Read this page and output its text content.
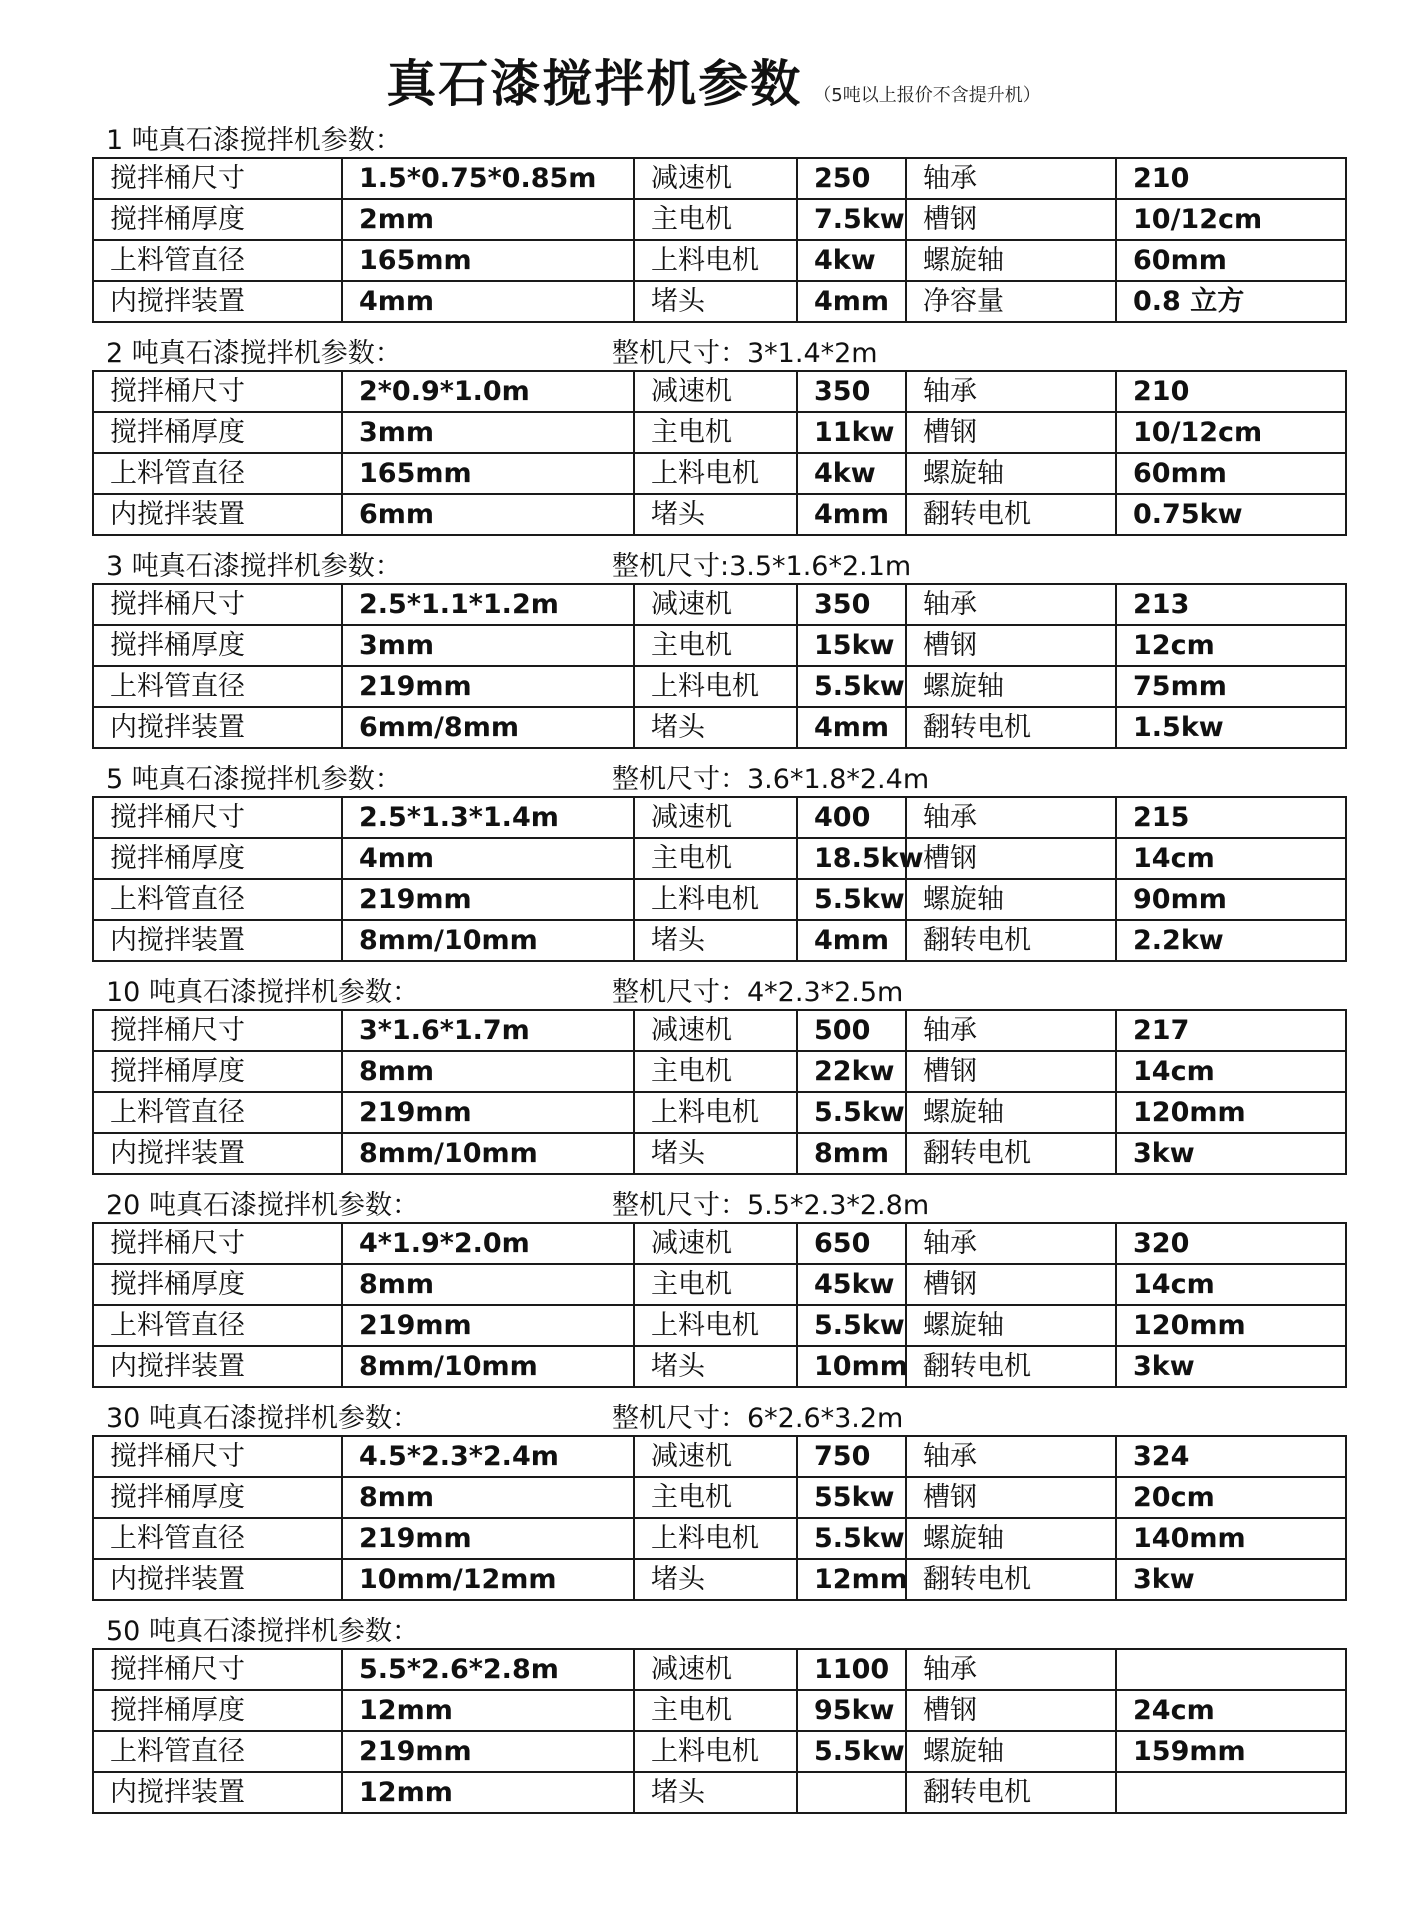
真石漆搅拌机参数 （5吨以上报价不含提升机）
1 吨真石漆搅拌机参数：
搅拌桶尺寸	1.5*0.75*0.85m	减速机	250	轴承	210
搅拌桶厚度	2mm	主电机	7.5kw	槽钢	10/12cm
上料管直径	165mm	上料电机	4kw	螺旋轴	60mm
内搅拌装置	4mm	堵头	4mm	净容量	0.8 立方
2 吨真石漆搅拌机参数：	整机尺寸：3*1.4*2m
搅拌桶尺寸	2*0.9*1.0m	减速机	350	轴承	210
搅拌桶厚度	3mm	主电机	11kw	槽钢	10/12cm
上料管直径	165mm	上料电机	4kw	螺旋轴	60mm
内搅拌装置	6mm	堵头	4mm	翻转电机	0.75kw
3 吨真石漆搅拌机参数：	整机尺寸:3.5*1.6*2.1m
搅拌桶尺寸	2.5*1.1*1.2m	减速机	350	轴承	213
搅拌桶厚度	3mm	主电机	15kw	槽钢	12cm
上料管直径	219mm	上料电机	5.5kw	螺旋轴	75mm
内搅拌装置	6mm/8mm	堵头	4mm	翻转电机	1.5kw
5 吨真石漆搅拌机参数：	整机尺寸：3.6*1.8*2.4m
搅拌桶尺寸	2.5*1.3*1.4m	减速机	400	轴承	215
搅拌桶厚度	4mm	主电机	18.5kw	槽钢	14cm
上料管直径	219mm	上料电机	5.5kw	螺旋轴	90mm
内搅拌装置	8mm/10mm	堵头	4mm	翻转电机	2.2kw
10 吨真石漆搅拌机参数：	整机尺寸：4*2.3*2.5m
搅拌桶尺寸	3*1.6*1.7m	减速机	500	轴承	217
搅拌桶厚度	8mm	主电机	22kw	槽钢	14cm
上料管直径	219mm	上料电机	5.5kw	螺旋轴	120mm
内搅拌装置	8mm/10mm	堵头	8mm	翻转电机	3kw
20 吨真石漆搅拌机参数：	整机尺寸：5.5*2.3*2.8m
搅拌桶尺寸	4*1.9*2.0m	减速机	650	轴承	320
搅拌桶厚度	8mm	主电机	45kw	槽钢	14cm
上料管直径	219mm	上料电机	5.5kw	螺旋轴	120mm
内搅拌装置	8mm/10mm	堵头	10mm	翻转电机	3kw
30 吨真石漆搅拌机参数：	整机尺寸：6*2.6*3.2m
搅拌桶尺寸	4.5*2.3*2.4m	减速机	750	轴承	324
搅拌桶厚度	8mm	主电机	55kw	槽钢	20cm
上料管直径	219mm	上料电机	5.5kw	螺旋轴	140mm
内搅拌装置	10mm/12mm	堵头	12mm	翻转电机	3kw
50 吨真石漆搅拌机参数：
搅拌桶尺寸	5.5*2.6*2.8m	减速机	1100	轴承	
搅拌桶厚度	12mm	主电机	95kw	槽钢	24cm
上料管直径	219mm	上料电机	5.5kw	螺旋轴	159mm
内搅拌装置	12mm	堵头		翻转电机	
